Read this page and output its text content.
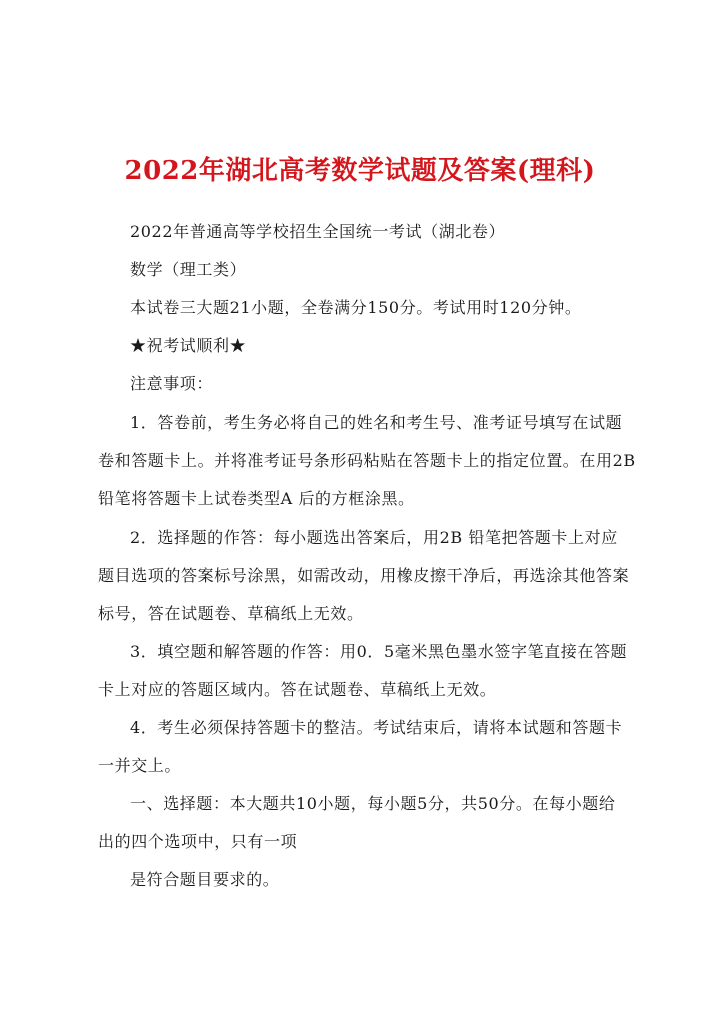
2022年湖北高考数学试题及答案(理科)
2022年普通高等学校招生全国统一考试（湖北卷）
数学（理工类）
本试卷三大题21小题，全卷满分150分。考试用时120分钟。
★祝考试顺利★
注意事项：
1．答卷前，考生务必将自己的姓名和考生号、准考证号填写在试题
卷和答题卡上。并将准考证号条形码粘贴在答题卡上的指定位置。在用2B
铅笔将答题卡上试卷类型A 后的方框涂黑。
2．选择题的作答：每小题选出答案后，用2B 铅笔把答题卡上对应
题目选项的答案标号涂黑，如需改动，用橡皮擦干净后，再选涂其他答案
标号，答在试题卷、草稿纸上无效。
3．填空题和解答题的作答：用0．5毫米黑色墨水签字笔直接在答题
卡上对应的答题区域内。答在试题卷、草稿纸上无效。
4．考生必须保持答题卡的整洁。考试结束后，请将本试题和答题卡
一并交上。
一、选择题：本大题共10小题，每小题5分，共50分。在每小题给
出的四个选项中，只有一项
是符合题目要求的。
